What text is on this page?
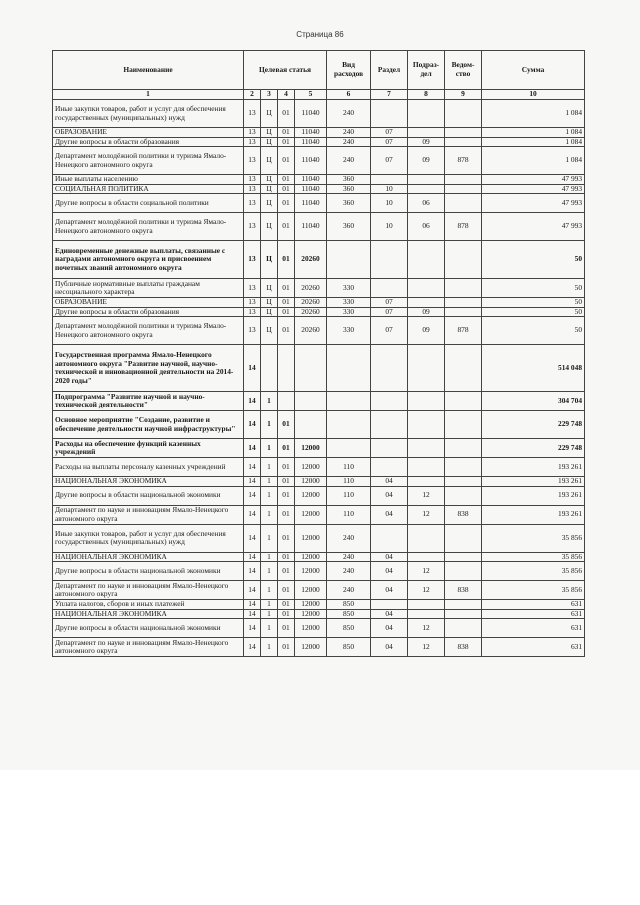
Страница 86
Наименование	Целевая статья				Вид расходов	Раздел	Подраз-дел	Ведом-ство	Сумма
1	2	3	4	5	6	7	8	9	10
Иные закупки товаров, работ и услуг для обеспечения государственных (муниципальных) нужд	13	Ц	01	11040	240				1 084
ОБРАЗОВАНИЕ	13	Ц	01	11040	240	07			1 084
Другие вопросы в области образования	13	Ц	01	11040	240	07	09		1 084
Департамент молодёжной политики и туризма Ямало-Ненецкого автономного округа	13	Ц	01	11040	240	07	09	878	1 084
Иные выплаты населению	13	Ц	01	11040	360				47 993
СОЦИАЛЬНАЯ ПОЛИТИКА	13	Ц	01	11040	360	10			47 993
Другие вопросы в области социальной политики	13	Ц	01	11040	360	10	06		47 993
Департамент молодёжной политики и туризма Ямало-Ненецкого автономного округа	13	Ц	01	11040	360	10	06	878	47 993
Единовременные денежные выплаты, связанные с наградами автономного округа и присвоением почетных званий автономного округа	13	Ц	01	20260					50
Публичные нормативные выплаты гражданам несоциального характера	13	Ц	01	20260	330				50
ОБРАЗОВАНИЕ	13	Ц	01	20260	330	07			50
Другие вопросы в области образования	13	Ц	01	20260	330	07	09		50
Департамент молодёжной политики и туризма Ямало-Ненецкого автономного округа	13	Ц	01	20260	330	07	09	878	50
Государственная программа Ямало-Ненецкого автономного округа "Развитие научной, научно-технической и инновационной деятельности на 2014-2020 годы"	14								514 048
Подпрограмма "Развитие научной и научно-технической деятельности"	14	1							304 704
Основное мероприятие "Создание, развитие и обеспечение деятельности научной инфраструктуры"	14	1	01						229 748
Расходы на обеспечение функций казенных учреждений	14	1	01	12000					229 748
Расходы на выплаты персоналу казенных учреждений	14	1	01	12000	110				193 261
НАЦИОНАЛЬНАЯ ЭКОНОМИКА	14	1	01	12000	110	04			193 261
Другие вопросы в области национальной экономики	14	1	01	12000	110	04	12		193 261
Департамент по науке и инновациям Ямало-Ненецкого автономного округа	14	1	01	12000	110	04	12	838	193 261
Иные закупки товаров, работ и услуг для обеспечения государственных (муниципальных) нужд	14	1	01	12000	240				35 856
НАЦИОНАЛЬНАЯ ЭКОНОМИКА	14	1	01	12000	240	04			35 856
Другие вопросы в области национальной экономики	14	1	01	12000	240	04	12		35 856
Департамент по науке и инновациям Ямало-Ненецкого автономного округа	14	1	01	12000	240	04	12	838	35 856
Уплата налогов, сборов и иных платежей	14	1	01	12000	850				631
НАЦИОНАЛЬНАЯ ЭКОНОМИКА	14	1	01	12000	850	04			631
Другие вопросы в области национальной экономики	14	1	01	12000	850	04	12		631
Департамент по науке и инновациям Ямало-Ненецкого автономного округа	14	1	01	12000	850	04	12	838	631
